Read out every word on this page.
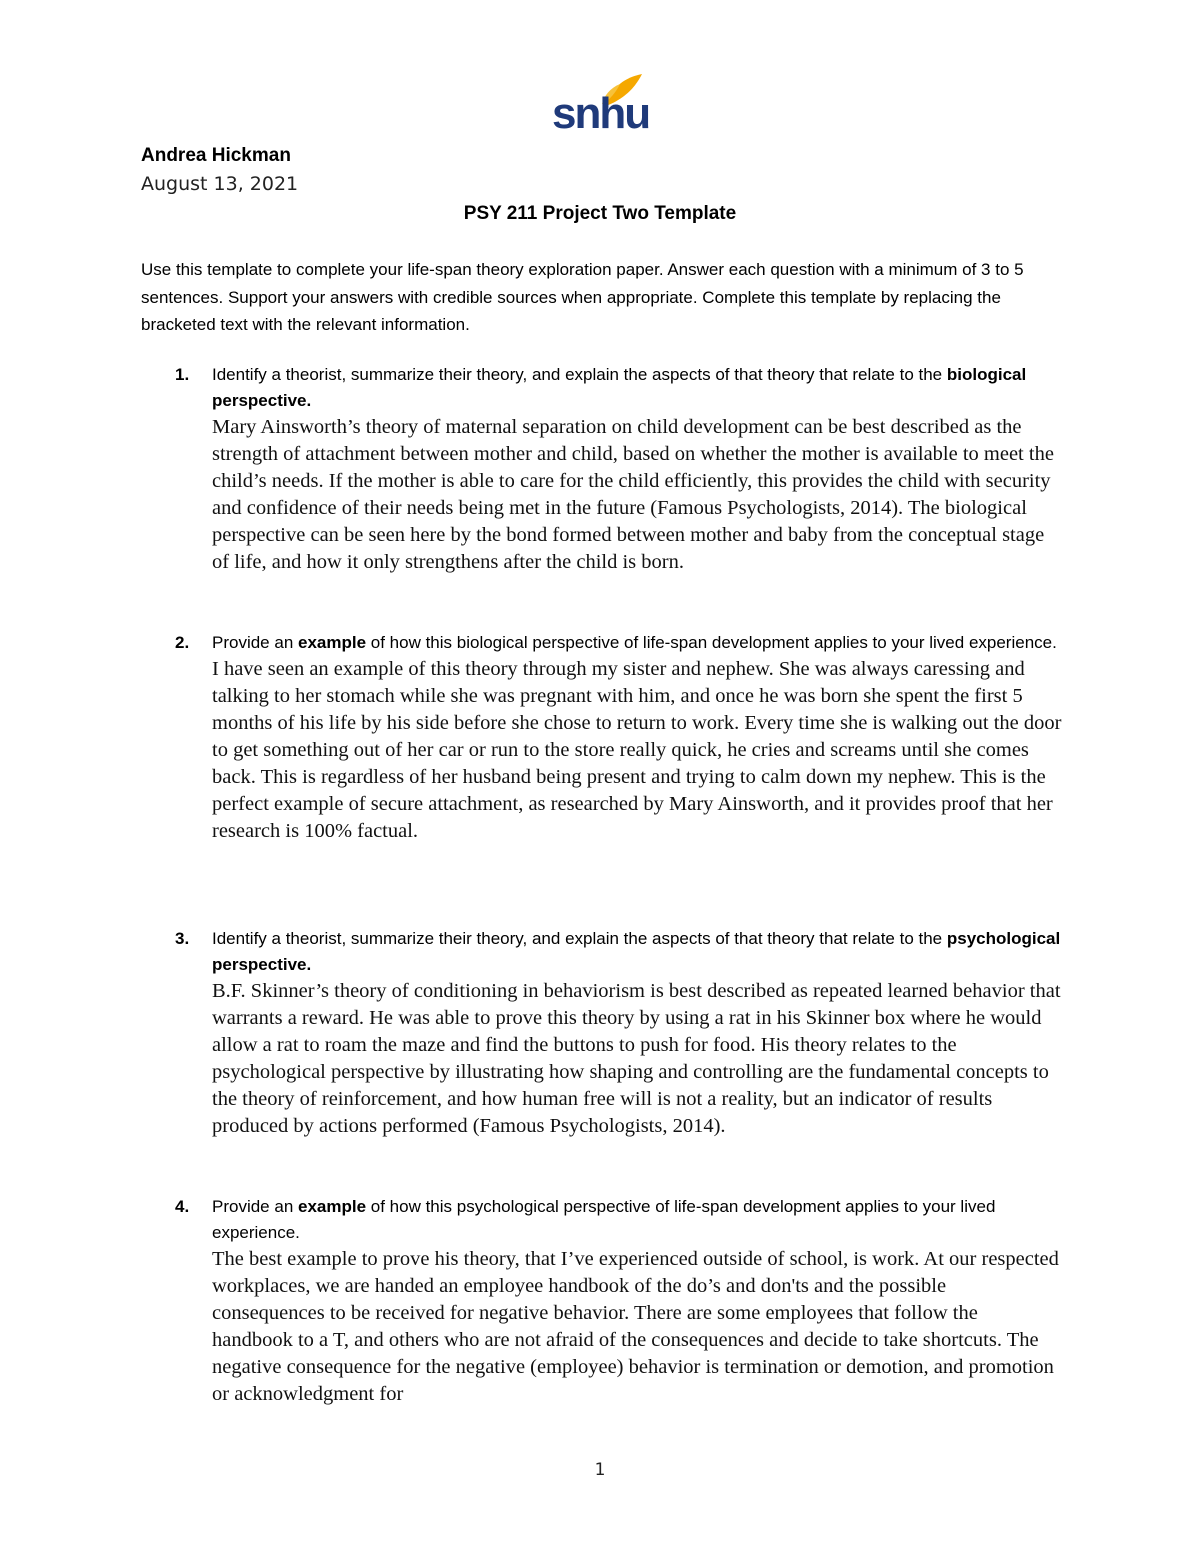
snhu
Andrea Hickman
August 13, 2021
PSY 211 Project Two Template

Use this template to complete your life-span theory exploration paper. Answer each question with a minimum of 3 to 5 sentences. Support your answers with credible sources when appropriate. Complete this template by replacing the bracketed text with the relevant information.

1. Identify a theorist, summarize their theory, and explain the aspects of that theory that relate to the biological perspective.

Mary Ainsworth’s theory of maternal separation on child development can be best described as the strength of attachment between mother and child, based on whether the mother is available to meet the child’s needs. If the mother is able to care for the child efficiently, this provides the child with security and confidence of their needs being met in the future (Famous Psychologists, 2014). The biological perspective can be seen here by the bond formed between mother and baby from the conceptual stage of life, and how it only strengthens after the child is born.

2. Provide an example of how this biological perspective of life-span development applies to your lived experience.

I have seen an example of this theory through my sister and nephew. She was always caressing and talking to her stomach while she was pregnant with him, and once he was born she spent the first 5 months of his life by his side before she chose to return to work. Every time she is walking out the door to get something out of her car or run to the store really quick, he cries and screams until she comes back. This is regardless of her husband being present and trying to calm down my nephew. This is the perfect example of secure attachment, as researched by Mary Ainsworth, and it provides proof that her research is 100% factual.

3. Identify a theorist, summarize their theory, and explain the aspects of that theory that relate to the psychological perspective.

B.F. Skinner’s theory of conditioning in behaviorism is best described as repeated learned behavior that warrants a reward. He was able to prove this theory by using a rat in his Skinner box where he would allow a rat to roam the maze and find the buttons to push for food. His theory relates to the psychological perspective by illustrating how shaping and controlling are the fundamental concepts to the theory of reinforcement, and how human free will is not a reality, but an indicator of results produced by actions performed (Famous Psychologists, 2014).

4. Provide an example of how this psychological perspective of life-span development applies to your lived experience.

The best example to prove his theory, that I’ve experienced outside of school, is work. At our respected workplaces, we are handed an employee handbook of the do’s and don'ts and the possible consequences to be received for negative behavior. There are some employees that follow the handbook to a T, and others who are not afraid of the consequences and decide to take shortcuts. The negative consequence for the negative (employee) behavior is termination or demotion, and promotion or acknowledgment for

1
